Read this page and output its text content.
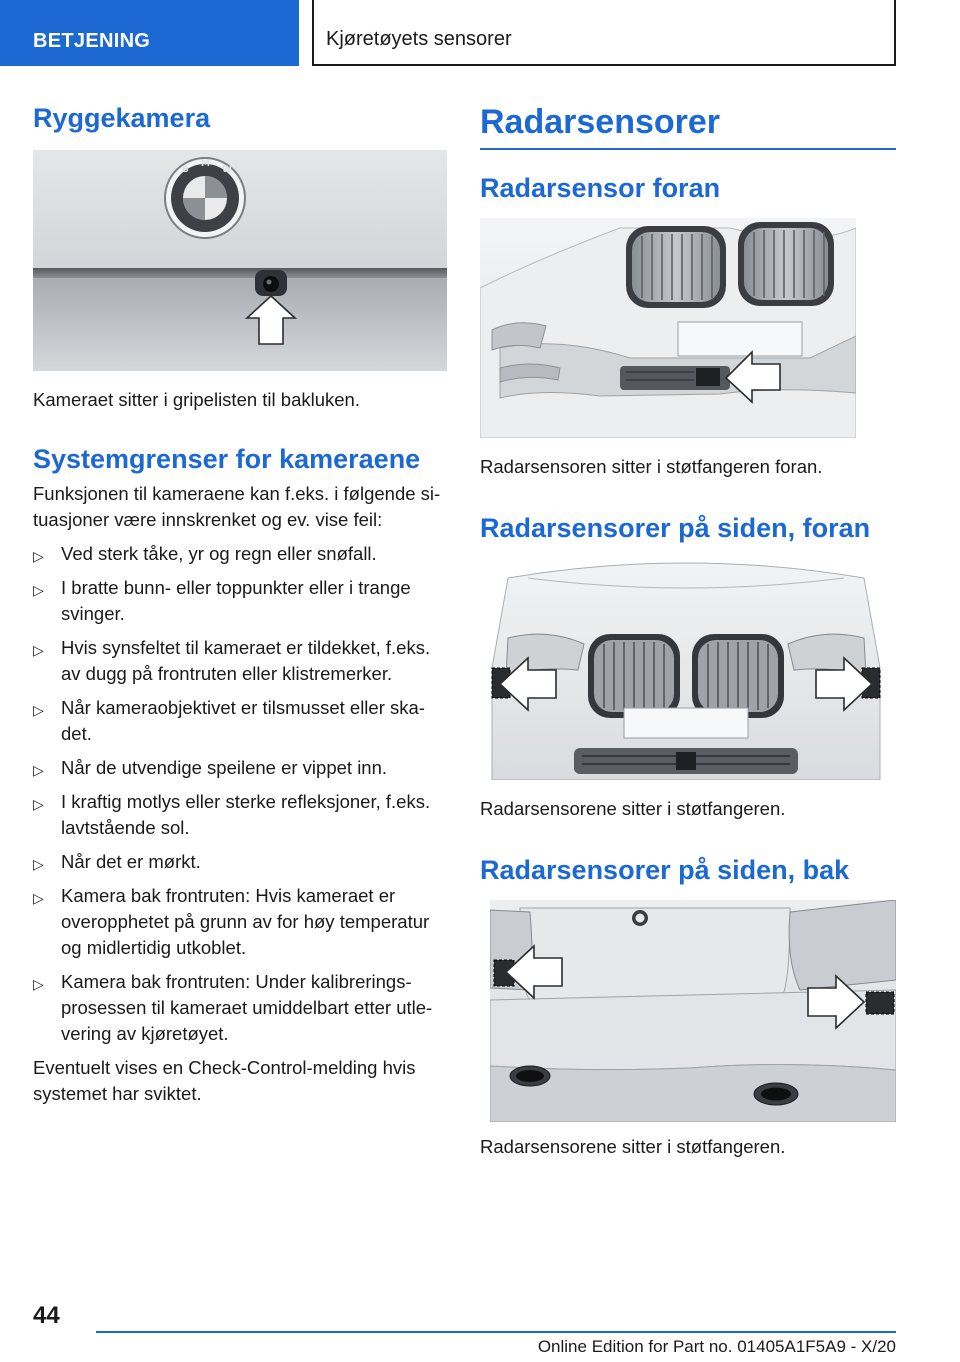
BETJENING	Kjøretøyets sensorer
Ryggekamera
B
M
W

Kameraet sitter i gripelisten til bakluken.

Systemgrenser for kameraene

Funksjonen til kameraene kan f.eks. i følgende si-tuasjoner være innskrenket og ev. vise feil:

▷ Ved sterk tåke, yr og regn eller snøfall.
▷ I bratte bunn- eller toppunkter eller i trange svinger.
▷ Hvis synsfeltet til kameraet er tildekket, f.eks. av dugg på frontruten eller klistremerker.
▷ Når kameraobjektivet er tilsmusset eller ska-det.
▷ Når de utvendige speilene er vippet inn.
▷ I kraftig motlys eller sterke refleksjoner, f.eks. lavtstående sol.
▷ Når det er mørkt.
▷ Kamera bak frontruten: Hvis kameraet er overopphetet på grunn av for høy temperatur og midlertidig utkoblet.
▷ Kamera bak frontruten: Under kalibrerings-prosessen til kameraet umiddelbart etter utle-vering av kjøretøyet.

Eventuelt vises en Check-Control-melding hvis systemet har sviktet.

Radarsensorer
Radarsensor foran

Radarsensoren sitter i støtfangeren foran.

Radarsensorer på siden, foran

Radarsensorene sitter i støtfangeren.

Radarsensorer på siden, bak

Radarsensorene sitter i støtfangeren.

44
Online Edition for Part no. 01405A1F5A9 - X/20
